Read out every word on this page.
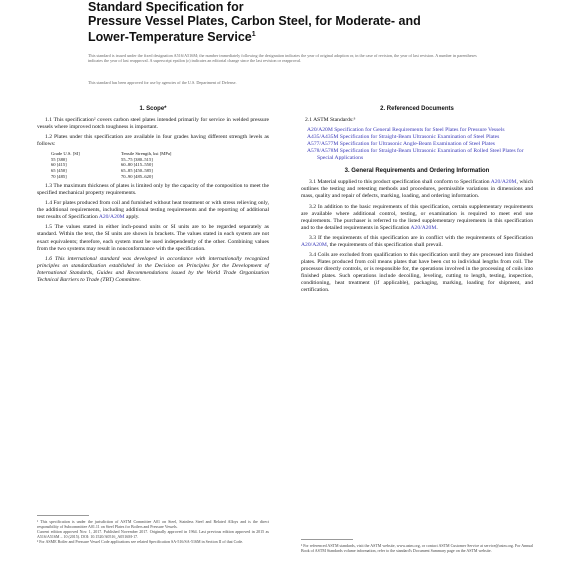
Standard Specification for
Pressure Vessel Plates, Carbon Steel, for Moderate- and
Lower-Temperature Service$^1$
This standard is issued under the fixed designation A516/A516M; the number immediately following the designation indicates the year of original adoption or, in the case of revision, the year of last revision. A number in parentheses indicates the year of last reapproval. A superscript epsilon (ε) indicates an editorial change since the last revision or reapproval.
This standard has been approved for use by agencies of the U.S. Department of Defense.
1. Scope*

1.1 This specification² covers carbon steel plates intended primarily for service in welded pressure vessels where improved notch toughness is important.

1.2 Plates under this specification are available in four grades having different strength levels as follows:

Grade U.S. [SI]	Tensile Strength, ksi [MPa]
55 [380]	55–75 [380–515]
60 [415]	60–80 [415–550]
65 [450]	65–85 [450–585]
70 [485]	70–90 [485–620]

1.3 The maximum thickness of plates is limited only by the capacity of the composition to meet the specified mechanical property requirements.

1.4 For plates produced from coil and furnished without heat treatment or with stress relieving only, the additional requirements, including additional testing requirements and the reporting of additional test results of Specification A20/A20M apply.

1.5 The values stated in either inch-pound units or SI units are to be regarded separately as standard. Within the text, the SI units are shown in brackets. The values stated in each system are not exact equivalents; therefore, each system must be used independently of the other. Combining values from the two systems may result in nonconformance with the specification.

1.6 This international standard was developed in accordance with internationally recognized principles on standardization established in the Decision on Principles for the Development of International Standards, Guides and Recommendations issued by the World Trade Organization Technical Barriers to Trade (TBT) Committee.

¹ This specification is under the jurisdiction of ASTM Committee A01 on Steel, Stainless Steel and Related Alloys and is the direct responsibility of Subcommittee A01.11 on Steel Plates for Boilers and Pressure Vessels.
Current edition approved Nov. 1, 2017. Published November 2017. Originally approved in 1964. Last previous edition approved in 2015 as A516/A516M – 10 (2015). DOI: 10.1520/A0516_A0516M-17.
² For ASME Boiler and Pressure Vessel Code applications see related Specification SA-516/SA-516M in Section II of that Code.
2. Referenced Documents

2.1 ASTM Standards:³

A20/A20M Specification for General Requirements for Steel Plates for Pressure Vessels
A435/A435M Specification for Straight-Beam Ultrasonic Examination of Steel Plates
A577/A577M Specification for Ultrasonic Angle-Beam Examination of Steel Plates
A578/A578M Specification for Straight-Beam Ultrasonic Examination of Rolled Steel Plates for Special Applications
3. General Requirements and Ordering Information

3.1 Material supplied to this product specification shall conform to Specification A20/A20M, which outlines the testing and retesting methods and procedures, permissible variations in dimensions and mass, quality and repair of defects, marking, loading, and ordering information.

3.2 In addition to the basic requirements of this specification, certain supplementary requirements are available where additional control, testing, or examination is required to meet end use requirements. The purchaser is referred to the listed supplementary requirements in this specification and to the detailed requirements in Specification A20/A20M.

3.3 If the requirements of this specification are in conflict with the requirements of Specification A20/A20M, the requirements of this specification shall prevail.

3.4 Coils are excluded from qualification to this specification until they are processed into finished plates. Plates produced from coil means plates that have been cut to individual lengths from coil. The processor directly controls, or is responsible for, the operations involved in the processing of coils into finished plates. Such operations include decoiling, leveling, cutting to length, testing, inspection, conditioning, heat treatment (if applicable), packaging, marking, loading for shipment, and certification.

³ For referenced ASTM standards, visit the ASTM website, www.astm.org, or contact ASTM Customer Service at service@astm.org. For Annual Book of ASTM Standards volume information, refer to the standard's Document Summary page on the ASTM website.
